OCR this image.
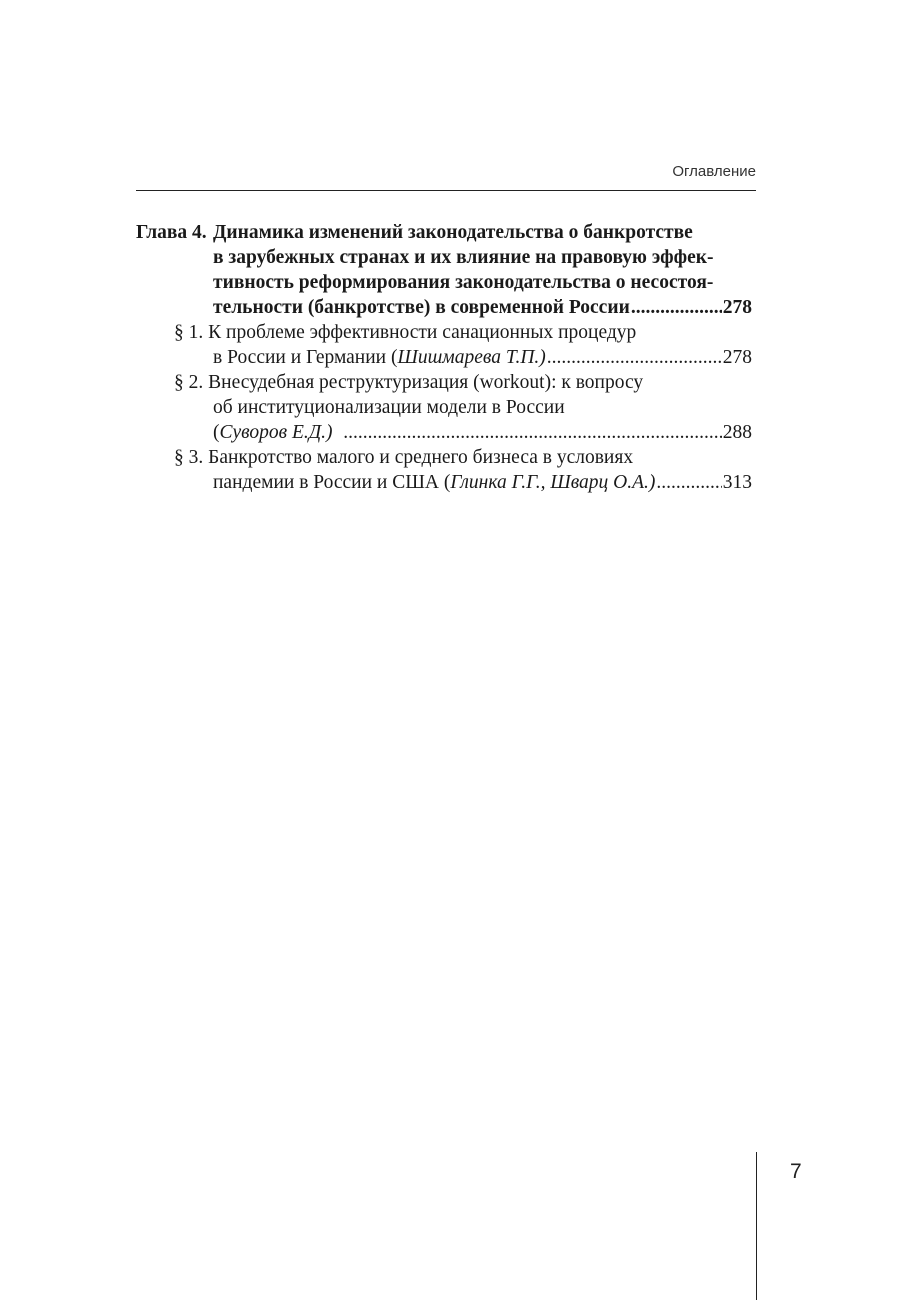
Оглавление
Глава 4. Динамика изменений законодательства о банкротстве
в зарубежных странах и их влияние на правовую эффек-
тивность реформирования законодательства о несостоя-
тельности (банкротстве) в современной России .....	278
§ 1. К проблеме эффективности санационных процедур
в России и Германии (Шишмарева Т.П.) .....	278
§ 2. Внесудебная реструктуризация (workout): к вопросу
об институционализации модели в России
(Суворов Е.Д.) .....	288
§ 3. Банкротство малого и среднего бизнеса в условиях
пандемии в России и США (Глинка Г.Г., Шварц О.А.) .....	313
7
